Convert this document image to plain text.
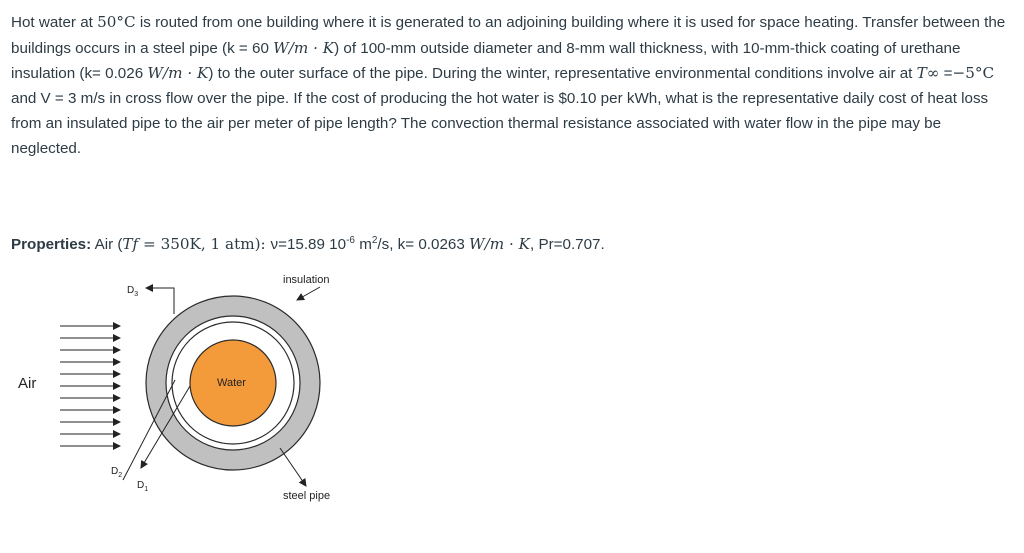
Hot water at 50°C is routed from one building where it is generated to an adjoining building where it is used for space heating. Transfer between the buildings occurs in a steel pipe (k = 60 W/m · K) of 100-mm outside diameter and 8-mm wall thickness, with 10-mm-thick coating of urethane insulation (k= 0.026 W/m · K) to the outer surface of the pipe. During the winter, representative environmental conditions involve air at T∞ =−5°C and V = 3 m/s in cross flow over the pipe. If the cost of producing the hot water is $0.10 per kWh, what is the representative daily cost of heat loss from an insulated pipe to the air per meter of pipe length? The convection thermal resistance associated with water flow in the pipe may be neglected.

Properties: Air (Tf = 350K, 1 atm): ν=15.89 $10^{-6}$ $m^2/s$, k= 0.0263 W/m · K, Pr=0.707.

Air	Water
insulation
steel pipe
$D_3$
$D_2$
$D_1$
